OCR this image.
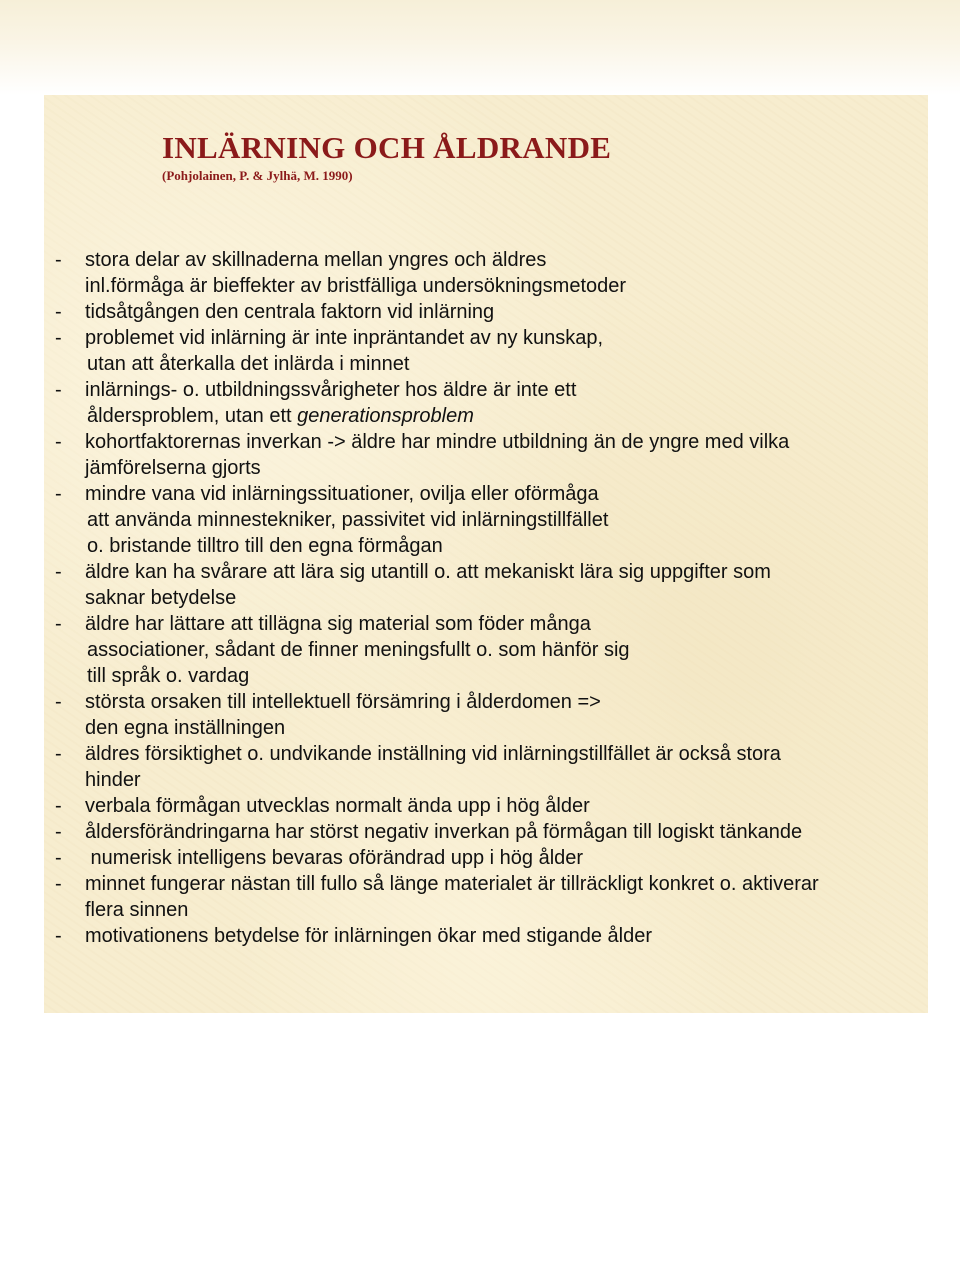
INLÄRNING OCH ÅLDRANDE

(Pohjolainen, P. & Jylhä, M. 1990)

-	stora delar av skillnaderna mellan yngres och äldres
inl.förmåga är bieffekter av bristfälliga undersökningsmetoder
-	tidsåtgången den centrala faktorn vid inlärning
-	problemet vid inlärning är inte inpräntandet av ny kunskap,
utan att återkalla det inlärda i minnet
-	inlärnings- o. utbildningssvårigheter hos äldre är inte ett
åldersproblem, utan ett generationsproblem
-	kohortfaktorernas inverkan -> äldre har mindre utbildning än de yngre med vilka
jämförelserna gjorts
-	mindre vana vid inlärningssituationer, ovilja eller oförmåga
att använda minnestekniker, passivitet vid inlärningstillfället
o. bristande tilltro till den egna förmågan
-	äldre kan ha svårare att lära sig utantill o. att mekaniskt lära sig uppgifter som
saknar betydelse
-	äldre har lättare att tillägna sig material som föder många
associationer, sådant de finner meningsfullt o. som hänför sig
till språk o. vardag
-	största orsaken till intellektuell försämring i ålderdomen =>
den egna inställningen
-	äldres försiktighet o. undvikande inställning vid inlärningstillfället är också stora
hinder
-	verbala förmågan utvecklas normalt ända upp i hög ålder
-	åldersförändringarna har störst negativ inverkan på förmågan till logiskt tänkande
-	numerisk intelligens bevaras oförändrad upp i hög ålder
-	minnet fungerar nästan till fullo så länge materialet är tillräckligt konkret o. aktiverar
flera sinnen
-	motivationens betydelse för inlärningen ökar med stigande ålder
